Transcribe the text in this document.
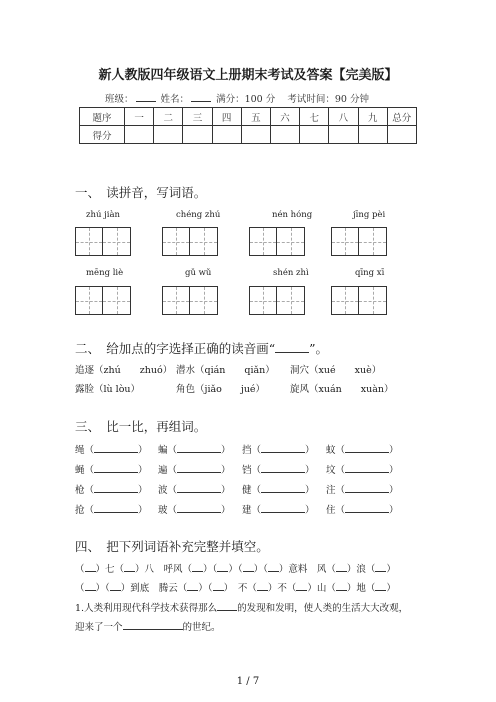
新人教版四年级语文上册期末考试及答案【完美版】
班级：	姓名：	满分：100 分 考试时间：90 分钟
题序	一	二	三	四	五	六	七	八	九	总分
得分										
一、　读拼音，写词语。
zhú jiàn	chéng zhú	nén hóng	jīng pèi
mēng liè	gǔ wǔ	shén zhì	qīng xī
二、　给加点的字选择正确的读音画“	”。
追逐（zhú　　zhuó） 潜水（qián　　qiǎn） 洞穴（xué　　xuè）
露脸（lù lòu）	角色（jiǎo　　jué）	旋风（xuán　　xuàn）
三、　比一比，再组词。
绳（	） 蝙（	） 挡（	） 蚊（	）
蝇（	） 遍（	） 铛（	） 坟（	）
枪（	） 波（	） 健（	） 注（	）
抢（	） 玻（	） 建（	） 住（	）
四、　把下列词语补充完整并填空。
（ ）七（ ）八　呼风（ ）（ ）（ ）（ ）意料　风（ ）浪（ ）
（ ）（ ）到底　腾云（ ）（ ）　不（ ）不（ ）山（ ）地（ ）
1.人类利用现代科学技术获得那么 的发现和发明，使人类的生活大大改观，
迎来了一个	的世纪。
1 / 7
